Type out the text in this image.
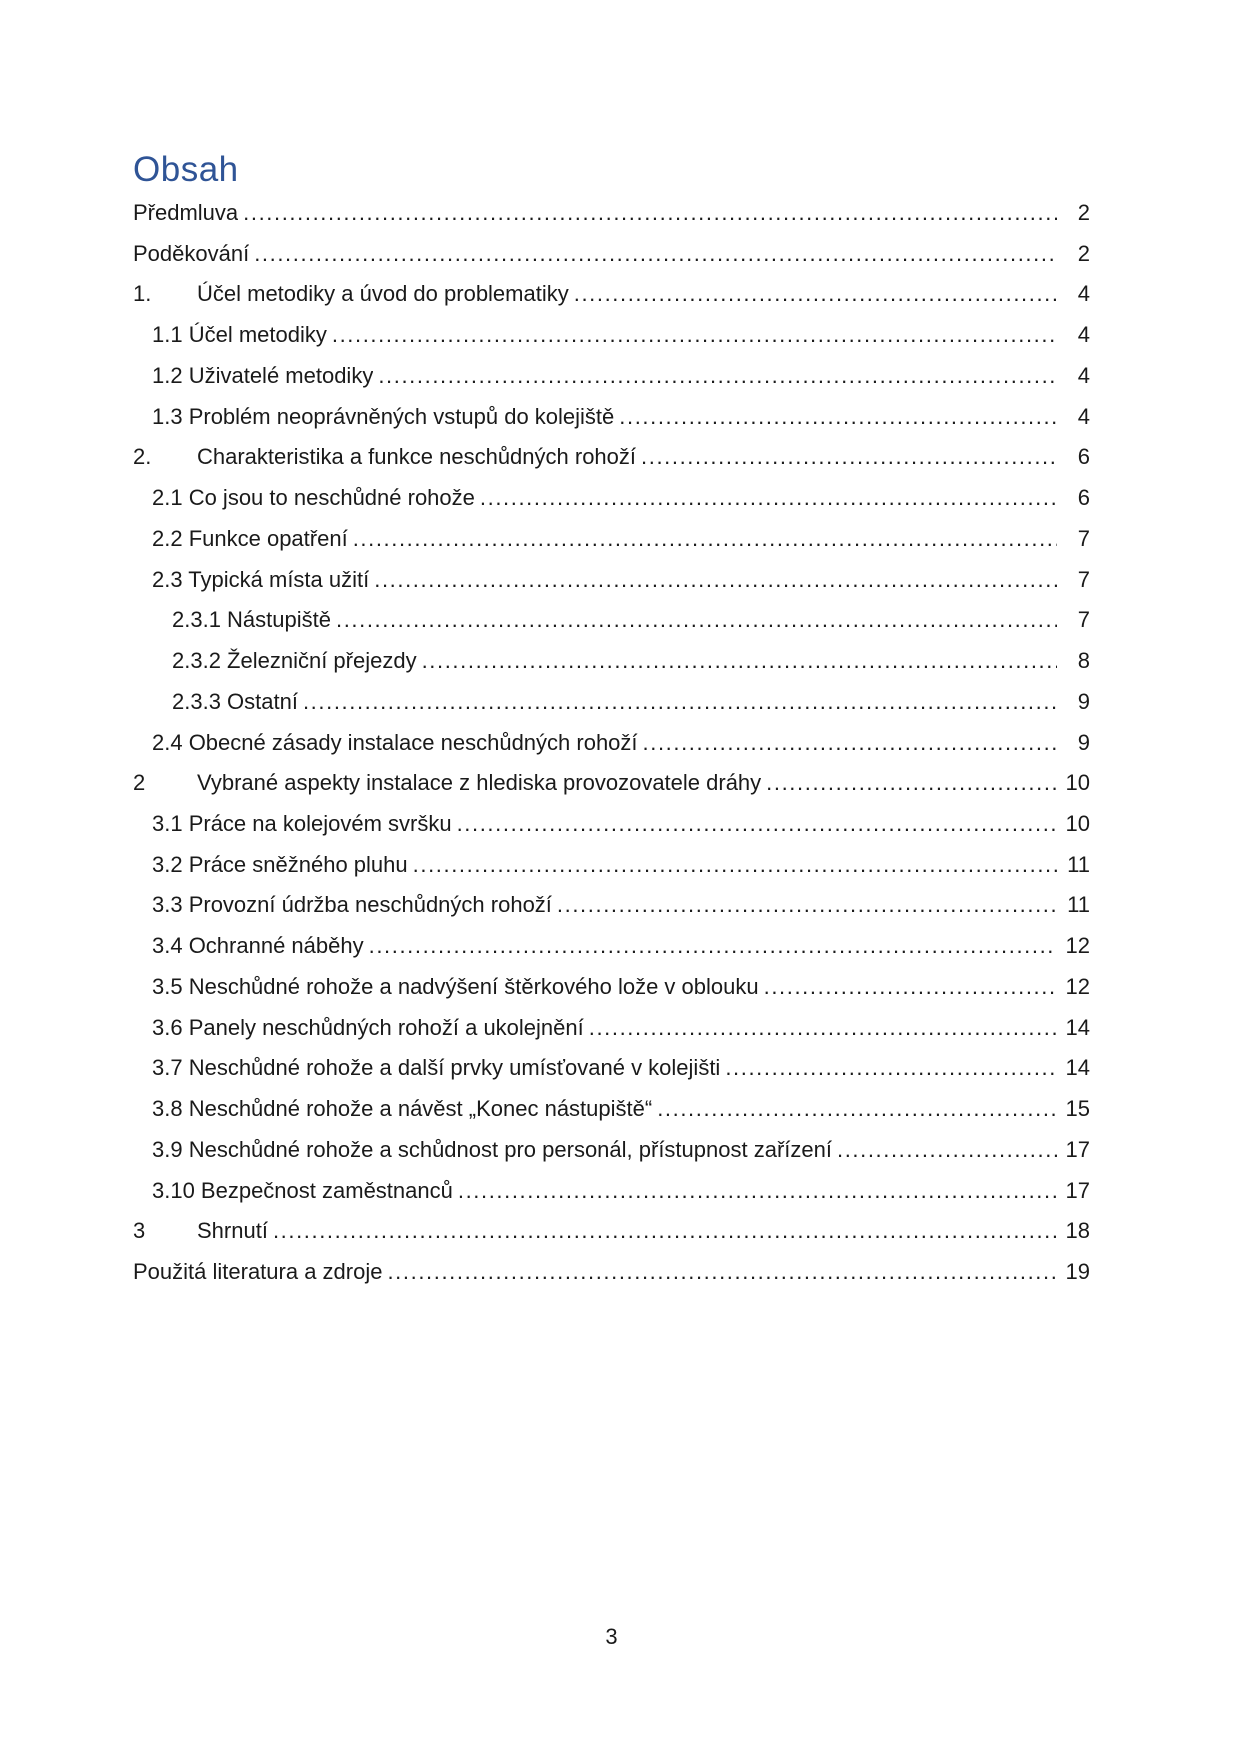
Obsah
Předmluva .....	2
Poděkování .....	2
1.	Účel metodiky a úvod do problematiky .....	4
1.1 Účel metodiky .....	4
1.2 Uživatelé metodiky .....	4
1.3 Problém neoprávněných vstupů do kolejiště .....	4
2.	Charakteristika a funkce neschůdných rohoží .....	6
2.1 Co jsou to neschůdné rohože .....	6
2.2 Funkce opatření .....	7
2.3 Typická místa užití .....	7
2.3.1 Nástupiště .....	7
2.3.2 Železniční přejezdy .....	8
2.3.3 Ostatní .....	9
2.4 Obecné zásady instalace neschůdných rohoží .....	9
2	Vybrané aspekty instalace z hlediska provozovatele dráhy .....	10
3.1 Práce na kolejovém svršku .....	10
3.2 Práce sněžného pluhu .....	11
3.3 Provozní údržba neschůdných rohoží .....	11
3.4 Ochranné náběhy .....	12
3.5 Neschůdné rohože a nadvýšení štěrkového lože v oblouku .....	12
3.6 Panely neschůdných rohoží a ukolejnění .....	14
3.7 Neschůdné rohože a další prvky umísťované v kolejišti .....	14
3.8 Neschůdné rohože a návěst „Konec nástupiště“ .....	15
3.9 Neschůdné rohože a schůdnost pro personál, přístupnost zařízení .....	17
3.10 Bezpečnost zaměstnanců .....	17
3	Shrnutí .....	18
Použitá literatura a zdroje .....	19
3
